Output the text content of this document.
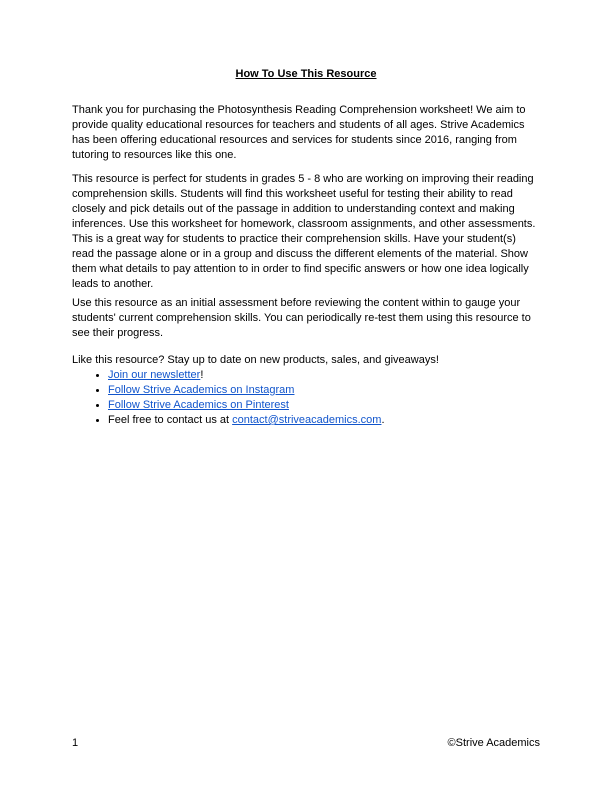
How To Use This Resource

Thank you for purchasing the Photosynthesis Reading Comprehension worksheet! We aim to provide quality educational resources for teachers and students of all ages. Strive Academics has been offering educational resources and services for students since 2016, ranging from tutoring to resources like this one.

This resource is perfect for students in grades 5 - 8 who are working on improving their reading comprehension skills. Students will find this worksheet useful for testing their ability to read closely and pick details out of the passage in addition to understanding context and making inferences. Use this worksheet for homework, classroom assignments, and other assessments. This is a great way for students to practice their comprehension skills. Have your student(s) read the passage alone or in a group and discuss the different elements of the material. Show them what details to pay attention to in order to find specific answers or how one idea logically leads to another.

Use this resource as an initial assessment before reviewing the content within to gauge your students' current comprehension skills. You can periodically re-test them using this resource to see their progress.

Like this resource? Stay up to date on new products, sales, and giveaways!

• Join our newsletter!
• Follow Strive Academics on Instagram
• Follow Strive Academics on Pinterest
• Feel free to contact us at contact@striveacademics.com.
1	©Strive Academics
